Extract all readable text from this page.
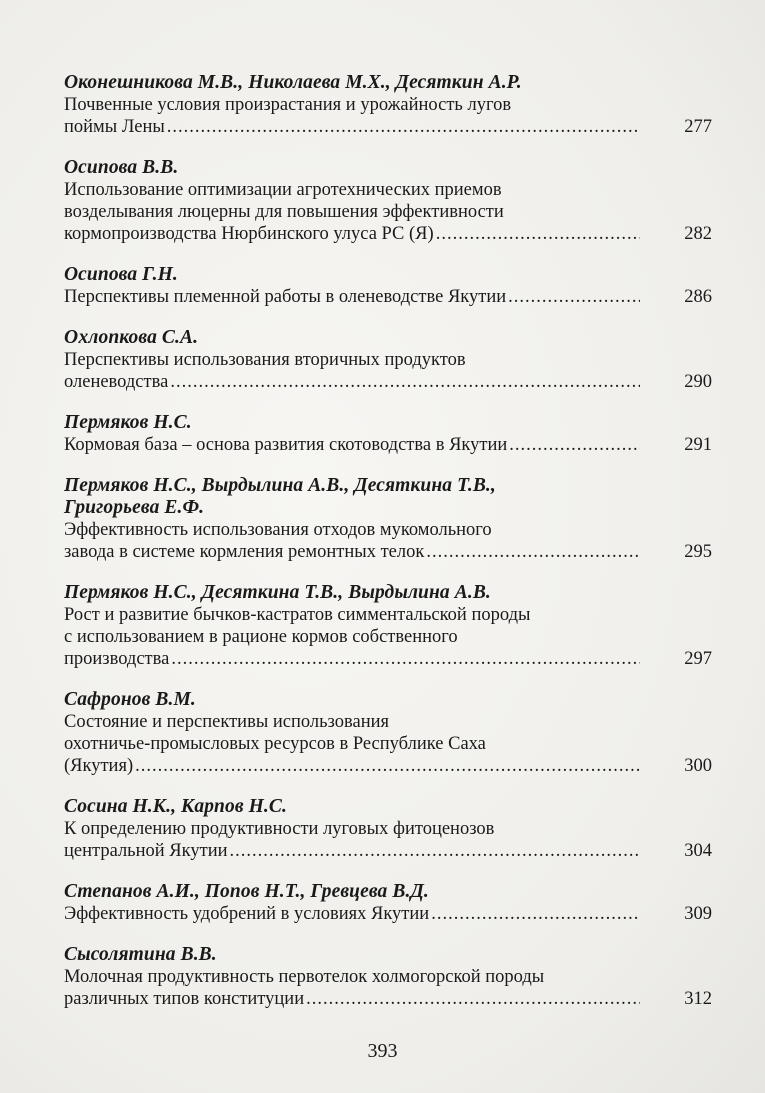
Оконешникова М.В., Николаева М.Х., Десяткин А.Р.
Почвенные условия произрастания и урожайность лугов
поймы Лены .....	277
Осипова В.В.
Использование оптимизации агротехнических приемов
возделывания люцерны для повышения эффективности
кормопроизводства Нюрбинского улуса РС (Я) .....	282
Осипова Г.Н.
Перспективы племенной работы в оленеводстве Якутии .....	286
Охлопкова С.А.
Перспективы использования вторичных продуктов
оленеводства .....	290
Пермяков Н.С.
Кормовая база – основа развития скотоводства в Якутии .....	291
Пермяков Н.С., Вырдылина А.В., Десяткина Т.В.,
Григорьева Е.Ф.
Эффективность использования отходов мукомольного
завода в системе кормления ремонтных телок .....	295
Пермяков Н.С., Десяткина Т.В., Вырдылина А.В.
Рост и развитие бычков-кастратов симментальской породы
с использованием в рационе кормов собственного
производства .....	297
Сафронов В.М.
Состояние и перспективы использования
охотничье-промысловых ресурсов в Республике Саха
(Якутия) .....	300
Сосина Н.К., Карпов Н.С.
К определению продуктивности луговых фитоценозов
центральной Якутии .....	304
Степанов А.И., Попов Н.Т., Гревцева В.Д.
Эффективность удобрений в условиях Якутии .....	309
Сысолятина В.В.
Молочная продуктивность первотелок холмогорской породы
различных типов конституции .....	312
393
